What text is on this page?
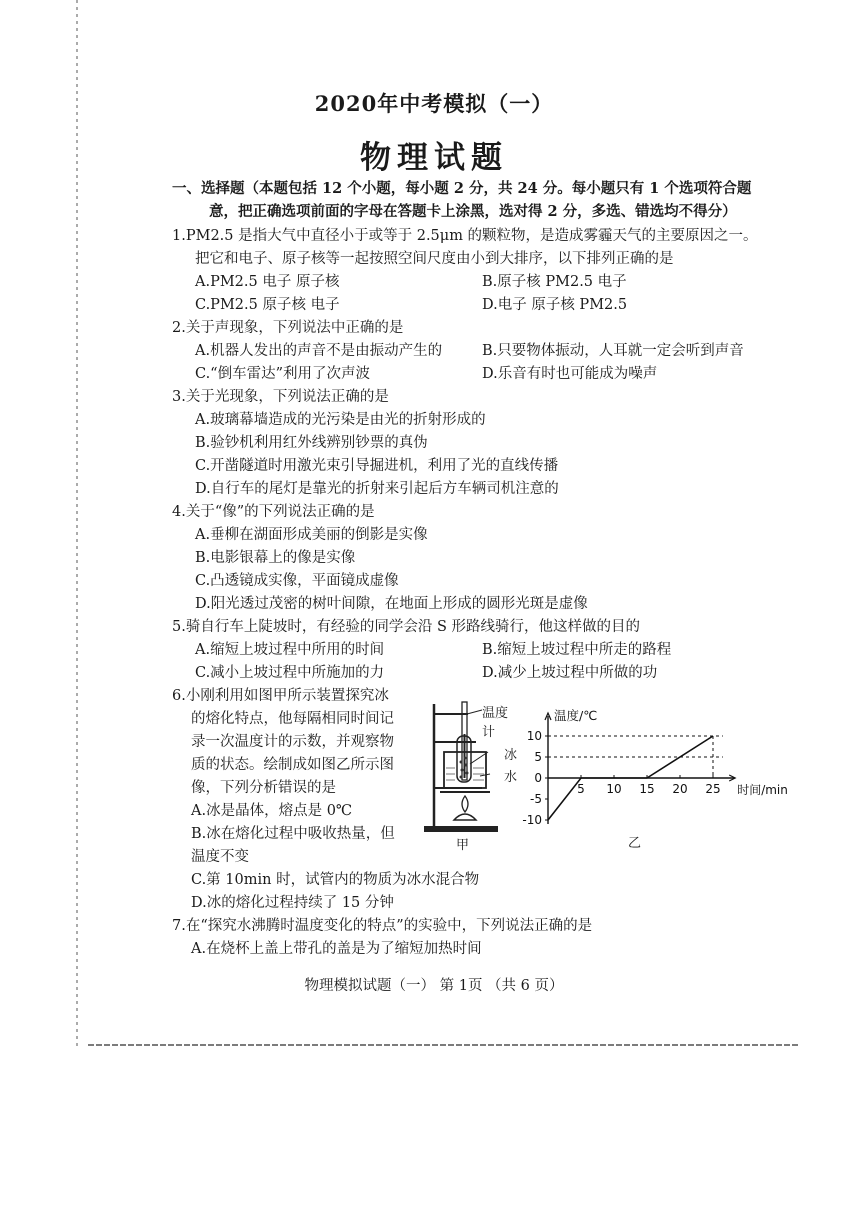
2020年中考模拟（一）
物理试题
一、选择题（本题包括 12 个小题，每小题 2 分，共 24 分。每小题只有 1 个选项符合题
意，把正确选项前面的字母在答题卡上涂黑，选对得 2 分，多选、错选均不得分）
1.PM2.5 是指大气中直径小于或等于 2.5μm 的颗粒物，是造成雾霾天气的主要原因之一。
把它和电子、原子核等一起按照空间尺度由小到大排序，以下排列正确的是
A.PM2.5 电子 原子核	B.原子核 PM2.5 电子
C.PM2.5 原子核 电子	D.电子 原子核 PM2.5
2.关于声现象，下列说法中正确的是
A.机器人发出的声音不是由振动产生的	B.只要物体振动，人耳就一定会听到声音
C.“倒车雷达”利用了次声波	D.乐音有时也可能成为噪声
3.关于光现象，下列说法正确的是
A.玻璃幕墙造成的光污染是由光的折射形成的
B.验钞机利用红外线辨别钞票的真伪
C.开凿隧道时用激光束引导掘进机，利用了光的直线传播
D.自行车的尾灯是靠光的折射来引起后方车辆司机注意的
4.关于“像”的下列说法正确的是
A.垂柳在湖面形成美丽的倒影是实像
B.电影银幕上的像是实像
C.凸透镜成实像，平面镜成虚像
D.阳光透过茂密的树叶间隙，在地面上形成的圆形光斑是虚像
5.骑自行车上陡坡时，有经验的同学会沿 S 形路线骑行，他这样做的目的
A.缩短上坡过程中所用的时间	B.缩短上坡过程中所走的路程
C.减小上坡过程中所施加的力	D.减少上坡过程中所做的功
6.小刚利用如图甲所示装置探究冰
的熔化特点，他每隔相同时间记
录一次温度计的示数，并观察物
质的状态。绘制成如图乙所示图
像，下列分析错误的是
A.冰是晶体，熔点是 0℃
B.冰在熔化过程中吸收热量，但
温度不变
C.第 10min 时，试管内的物质为冰水混合物
D.冰的熔化过程持续了 15 分钟
温度计
冰
水
甲
10
5
0
-5
-10
5 10 15 20 25
温度/℃
时间/min
乙
7.在“探究水沸腾时温度变化的特点”的实验中，下列说法正确的是
A.在烧杯上盖上带孔的盖是为了缩短加热时间
物理模拟试题（一） 第 1页 （共 6 页）
